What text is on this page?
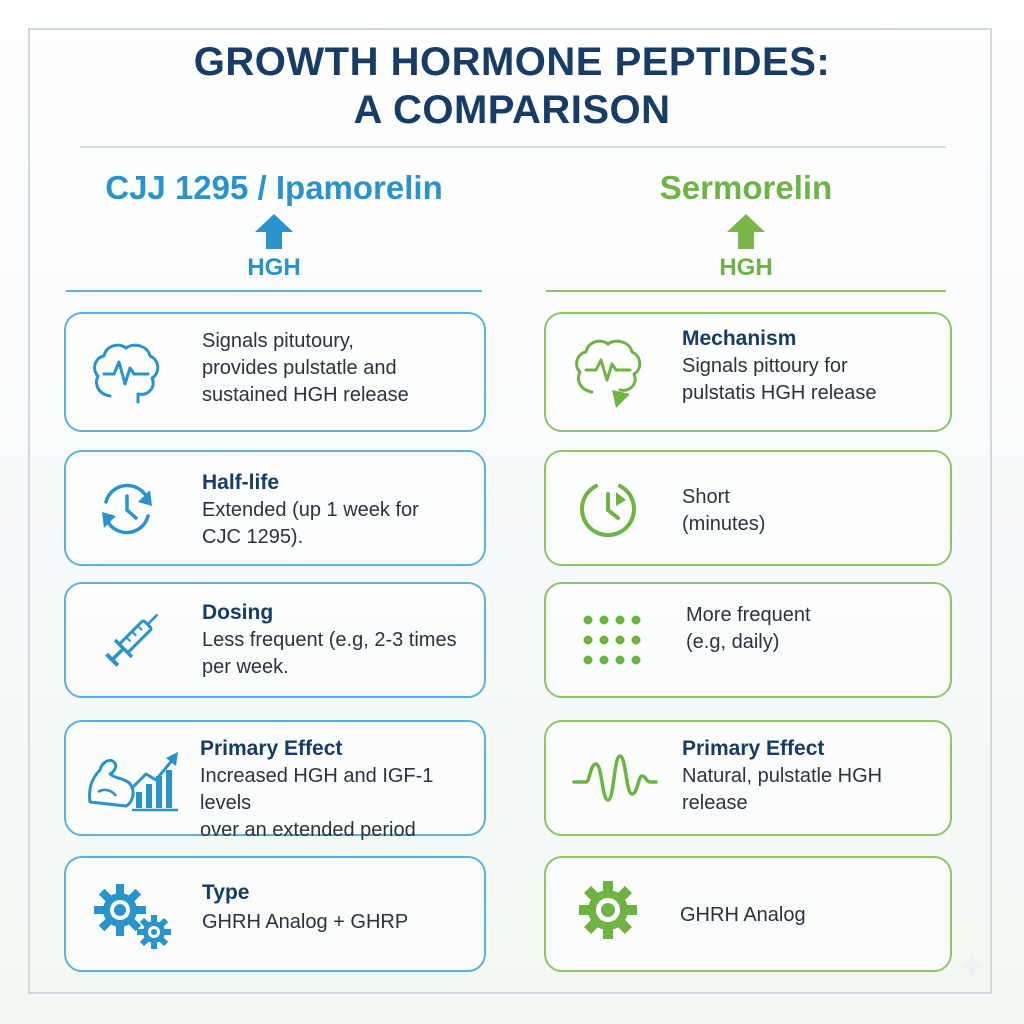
GROWTH HORMONE PEPTIDES:
A COMPARISON
CJJ 1295 / Ipamorelin
HGH
Sermorelin
HGH
Signals pitutoury,
provides pulstatle and
sustained HGH release
Half-life
Extended (up 1 week for
CJC 1295).
Dosing
Less frequent (e.g, 2-3 times
per week.
Primary Effect
Increased HGH and IGF-1 levels
over an extended period
Type
GHRH Analog + GHRP
Mechanism
Signals pittoury for
pulstatis HGH release
Short
(minutes)
More frequent
(e.g, daily)
Primary Effect
Natural, pulstatle HGH
release
GHRH Analog
